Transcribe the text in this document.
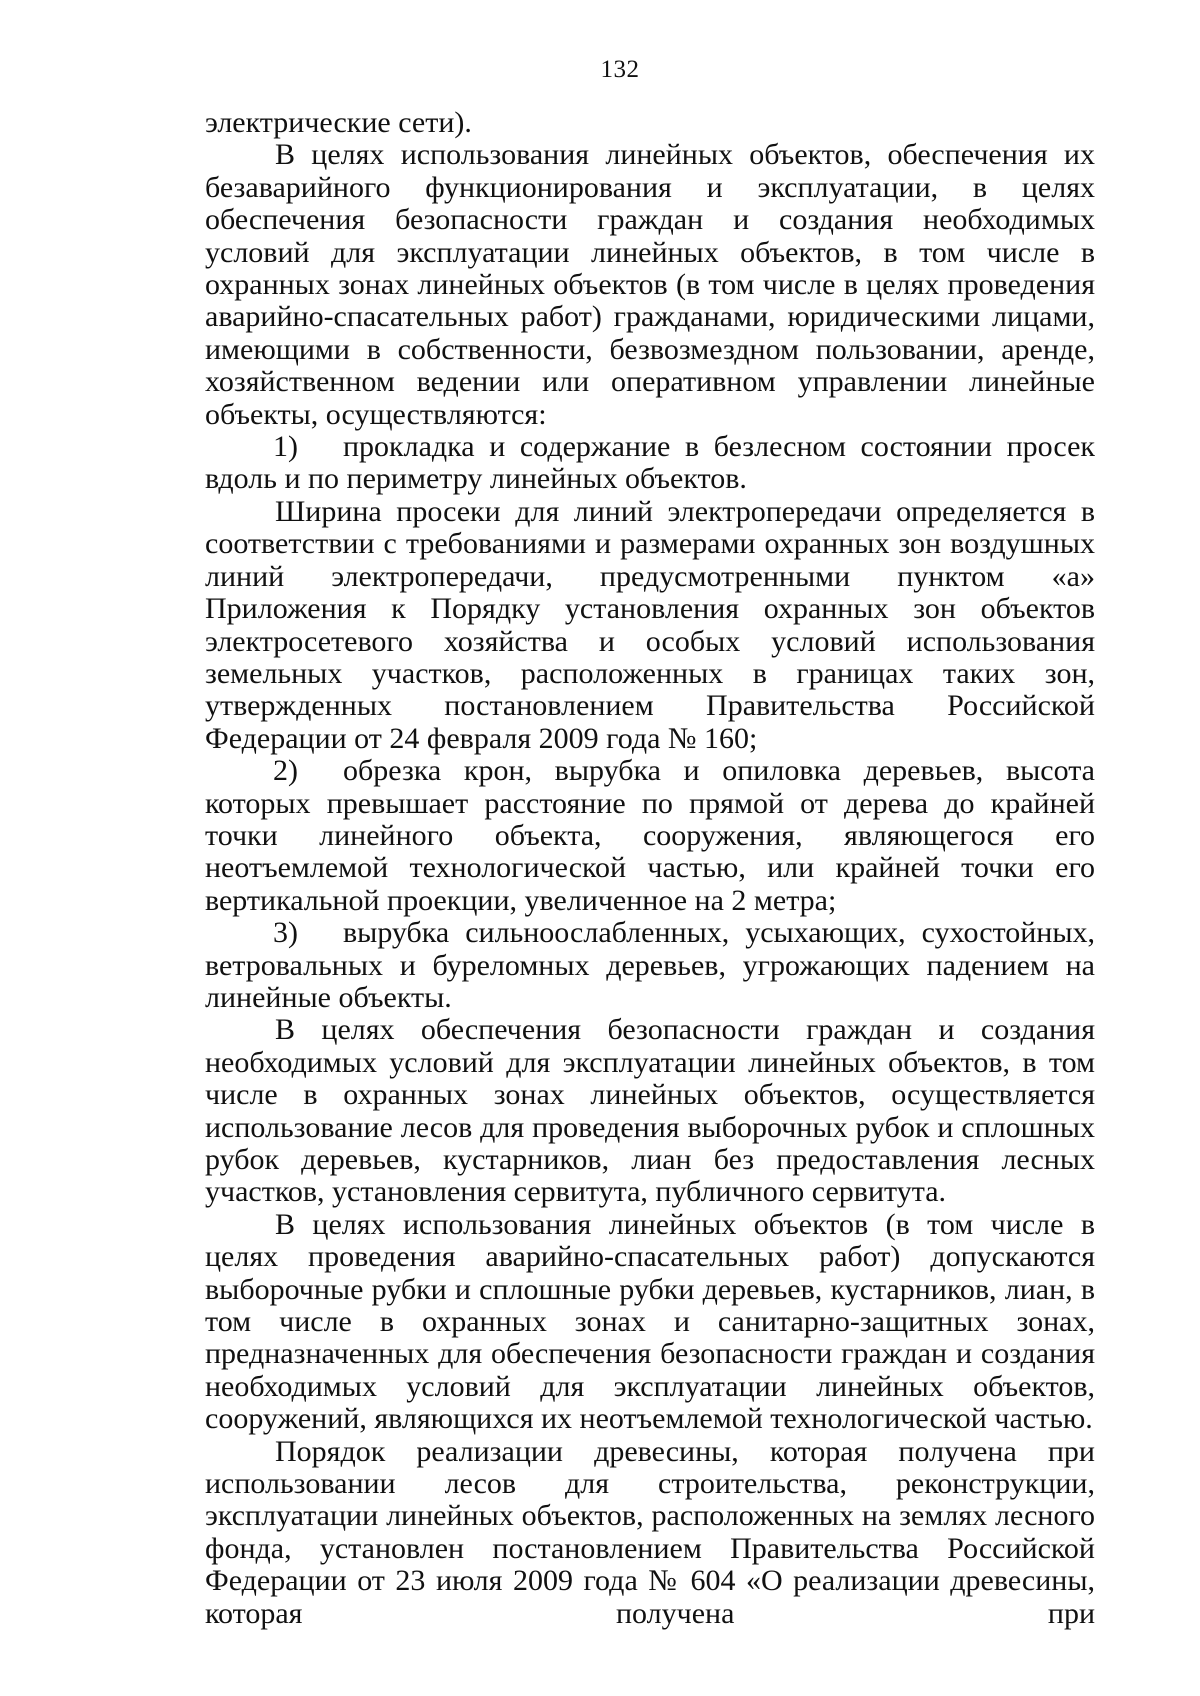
132

электрические сети).

В целях использования линейных объектов, обеспечения их безаварийного функционирования и эксплуатации, в целях обеспечения безопасности граждан и создания необходимых условий для эксплуатации линейных объектов, в том числе в охранных зонах линейных объектов (в том числе в целях проведения аварийно-спасательных работ) гражданами, юридическими лицами, имеющими в собственности, безвозмездном пользовании, аренде, хозяйственном ведении или оперативном управлении линейные объекты, осуществляются:

1) прокладка и содержание в безлесном состоянии просек вдоль и по периметру линейных объектов.

Ширина просеки для линий электропередачи определяется в соответствии с требованиями и размерами охранных зон воздушных линий электропередачи, предусмотренными пунктом «а» Приложения к Порядку установления охранных зон объектов электросетевого хозяйства и особых условий использования земельных участков, расположенных в границах таких зон, утвержденных постановлением Правительства Российской Федерации от 24 февраля 2009 года № 160;

2) обрезка крон, вырубка и опиловка деревьев, высота которых превышает расстояние по прямой от дерева до крайней точки линейного объекта, сооружения, являющегося его неотъемлемой технологической частью, или крайней точки его вертикальной проекции, увеличенное на 2 метра;

3) вырубка сильноослабленных, усыхающих, сухостойных, ветровальных и буреломных деревьев, угрожающих падением на линейные объекты.

В целях обеспечения безопасности граждан и создания необходимых условий для эксплуатации линейных объектов, в том числе в охранных зонах линейных объектов, осуществляется использование лесов для проведения выборочных рубок и сплошных рубок деревьев, кустарников, лиан без предоставления лесных участков, установления сервитута, публичного сервитута.

В целях использования линейных объектов (в том числе в целях проведения аварийно-спасательных работ) допускаются выборочные рубки и сплошные рубки деревьев, кустарников, лиан, в том числе в охранных зонах и санитарно-защитных зонах, предназначенных для обеспечения безопасности граждан и создания необходимых условий для эксплуатации линейных объектов, сооружений, являющихся их неотъемлемой технологической частью.

Порядок реализации древесины, которая получена при использовании лесов для строительства, реконструкции, эксплуатации линейных объектов, расположенных на землях лесного фонда, установлен постановлением Правительства Российской Федерации от 23 июля 2009 года № 604 «О реализации древесины, которая получена при
